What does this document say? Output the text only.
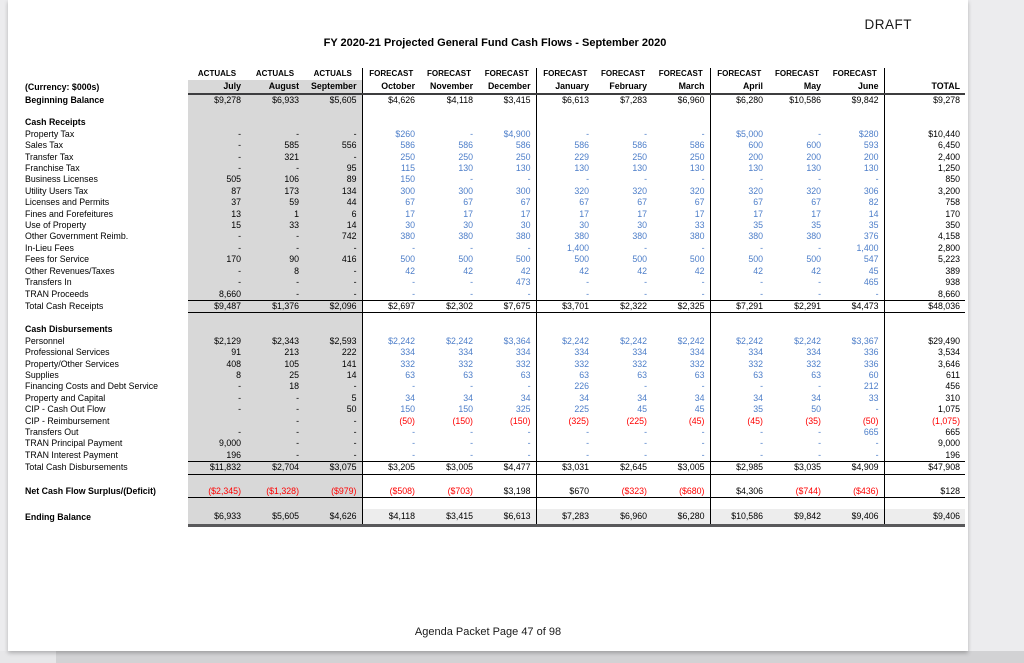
DRAFT
FY 2020-21 Projected General Fund Cash Flows - September 2020
	ACTUALS	ACTUALS	ACTUALS	FORECAST	FORECAST	FORECAST	FORECAST	FORECAST	FORECAST	FORECAST	FORECAST	FORECAST	
(Currency: $000s)	July	August	September	October	November	December	January	February	March	April	May	June	TOTAL
Beginning Balance	$9,278	$6,933	$5,605	$4,626	$4,118	$3,415	$6,613	$7,283	$6,960	$6,280	$10,586	$9,842	$9,278

Cash Receipts													
Property Tax	-	-	-	$260	-	$4,900	-	-	-	$5,000	-	$280	$10,440
Sales Tax	-	585	556	586	586	586	586	586	586	600	600	593	6,450
Transfer Tax	-	321	-	250	250	250	229	250	250	200	200	200	2,400
Franchise Tax	-	-	95	115	130	130	130	130	130	130	130	130	1,250
Business Licenses	505	106	89	150	-	-	-	-	-	-	-	-	850
Utility Users Tax	87	173	134	300	300	300	320	320	320	320	320	306	3,200
Licenses and Permits	37	59	44	67	67	67	67	67	67	67	67	82	758
Fines and Forefeitures	13	1	6	17	17	17	17	17	17	17	17	14	170
Use of Property	15	33	14	30	30	30	30	30	33	35	35	35	350
Other Government Reimb.	-	-	742	380	380	380	380	380	380	380	380	376	4,158
In-Lieu Fees	-	-	-	-	-	-	1,400	-	-	-	-	1,400	2,800
Fees for Service	170	90	416	500	500	500	500	500	500	500	500	547	5,223
Other Revenues/Taxes	-	8	-	42	42	42	42	42	42	42	42	45	389
Transfers In	-	-	-	-	-	473	-	-	-	-	-	465	938
TRAN Proceeds	8,660	-	-	-	-	-	-	-	-	-	-	-	8,660
Total Cash Receipts	$9,487	$1,376	$2,096	$2,697	$2,302	$7,675	$3,701	$2,322	$2,325	$7,291	$2,291	$4,473	$48,036

Cash Disbursements													
Personnel	$2,129	$2,343	$2,593	$2,242	$2,242	$3,364	$2,242	$2,242	$2,242	$2,242	$2,242	$3,367	$29,490
Professional Services	91	213	222	334	334	334	334	334	334	334	334	336	3,534
Property/Other Services	408	105	141	332	332	332	332	332	332	332	332	336	3,646
Supplies	8	25	14	63	63	63	63	63	63	63	63	60	611
Financing Costs and Debt Service	-	18	-	-	-	-	226	-	-	-	-	212	456
Property and Capital	-	-	5	34	34	34	34	34	34	34	34	33	310
CIP - Cash Out Flow	-	-	50	150	150	325	225	45	45	35	50	-	1,075
CIP - Reimbursement		-	-	(50)	(150)	(150)	(325)	(225)	(45)	(45)	(35)	(50)	(1,075)
Transfers Out	-	-	-	-	-	-	-	-	-	-	-	665	665
TRAN Principal Payment	9,000	-	-	-	-	-	-	-	-	-	-	-	9,000
TRAN Interest Payment	196	-	-	-	-	-	-	-	-	-	-	-	196
Total Cash Disbursements	$11,832	$2,704	$3,075	$3,205	$3,005	$4,477	$3,031	$2,645	$3,005	$2,985	$3,035	$4,909	$47,908

Net Cash Flow Surplus/(Deficit)	($2,345)	($1,328)	($979)	($508)	($703)	$3,198	$670	($323)	($680)	$4,306	($744)	($436)	$128

Ending Balance	$6,933	$5,605	$4,626	$4,118	$3,415	$6,613	$7,283	$6,960	$6,280	$10,586	$9,842	$9,406	$9,406
Agenda Packet Page 47 of 98
